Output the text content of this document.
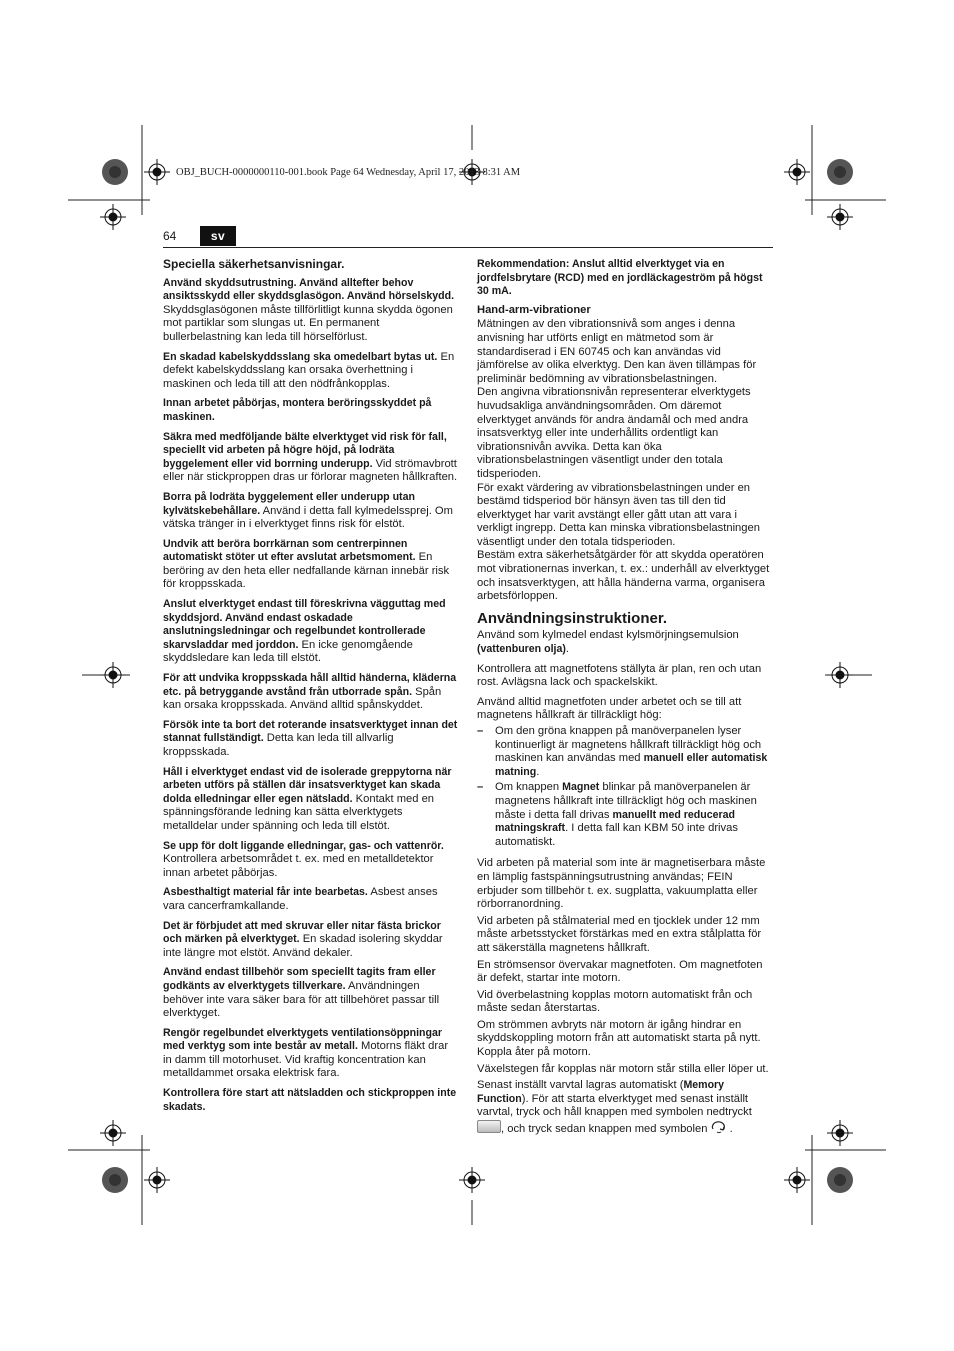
OBJ_BUCH-0000000110-001.book Page 64 Wednesday, April 17, 2013 8:31 AM
64	sv
Speciella säkerhetsanvisningar.

Använd skyddsutrustning. Använd alltefter behov ansiktsskydd eller skyddsglasögon. Använd hörselskydd. Skyddsglasögonen måste tillförlitligt kunna skydda ögonen mot partiklar som slungas ut. En permanent bullerbelastning kan leda till hörselförlust.

En skadad kabelskyddsslang ska omedelbart bytas ut. En defekt kabelskyddsslang kan orsaka överhettning i maskinen och leda till att den nödfrånkopplas.

Innan arbetet påbörjas, montera beröringsskyddet på maskinen.

Säkra med medföljande bälte elverktyget vid risk för fall, speciellt vid arbeten på högre höjd, på lodräta byggelement eller vid borrning underupp. Vid strömavbrott eller när stickproppen dras ur förlorar magneten hållkraften.

Borra på lodräta byggelement eller underupp utan kylvätskebehållare. Använd i detta fall kylmedelssprej. Om vätska tränger in i elverktyget finns risk för elstöt.

Undvik att beröra borrkärnan som centrerpinnen automatiskt stöter ut efter avslutat arbetsmoment. En beröring av den heta eller nedfallande kärnan innebär risk för kroppsskada.

Anslut elverktyget endast till föreskrivna vägguttag med skyddsjord. Använd endast oskadade anslutningsledningar och regelbundet kontrollerade skarvsladdar med jorddon. En icke genomgående skyddsledare kan leda till elstöt.

För att undvika kroppsskada håll alltid händerna, kläderna etc. på betryggande avstånd från utborrade spån. Spån kan orsaka kroppsskada. Använd alltid spånskyddet.

Försök inte ta bort det roterande insatsverktyget innan det stannat fullständigt. Detta kan leda till allvarlig kroppsskada.

Håll i elverktyget endast vid de isolerade greppytorna när arbeten utförs på ställen där insatsverktyget kan skada dolda elledningar eller egen nätsladd. Kontakt med en spänningsförande ledning kan sätta elverktygets metalldelar under spänning och leda till elstöt.

Se upp för dolt liggande elledningar, gas- och vattenrör. Kontrollera arbetsområdet t. ex. med en metalldetektor innan arbetet påbörjas.

Asbesthaltigt material får inte bearbetas. Asbest anses vara cancerframkallande.

Det är förbjudet att med skruvar eller nitar fästa brickor och märken på elverktyget. En skadad isolering skyddar inte längre mot elstöt. Använd dekaler.

Använd endast tillbehör som speciellt tagits fram eller godkänts av elverktygets tillverkare. Användningen behöver inte vara säker bara för att tillbehöret passar till elverktyget.

Rengör regelbundet elverktygets ventilationsöppningar med verktyg som inte består av metall. Motorns fläkt drar in damm till motorhuset. Vid kraftig koncentration kan metalldammet orsaka elektrisk fara.

Kontrollera före start att nätsladden och stickproppen inte skadats.

Rekommendation: Anslut alltid elverktyget via en jordfelsbrytare (RCD) med en jordläckageström på högst 30 mA.

Hand-arm-vibrationer

Mätningen av den vibrationsnivå som anges i denna anvisning har utförts enligt en mätmetod som är standardiserad i EN 60745 och kan användas vid jämförelse av olika elverktyg. Den kan även tillämpas för preliminär bedömning av vibrationsbelastningen.

Den angivna vibrationsnivån representerar elverktygets huvudsakliga användningsområden. Om däremot elverktyget används för andra ändamål och med andra insatsverktyg eller inte underhållits ordentligt kan vibrationsnivån avvika. Detta kan öka vibrationsbelastningen väsentligt under den totala tidsperioden.

För exakt värdering av vibrationsbelastningen under en bestämd tidsperiod bör hänsyn även tas till den tid elverktyget har varit avstängt eller gått utan att vara i verkligt ingrepp. Detta kan minska vibrationsbelastningen väsentligt under den totala tidsperioden.

Bestäm extra säkerhetsåtgärder för att skydda operatören mot vibrationernas inverkan, t. ex.: underhåll av elverktyget och insatsverktygen, att hålla händerna varma, organisera arbetsförloppen.

Användningsinstruktioner.

Använd som kylmedel endast kylsmörjningsemulsion (vattenburen olja).

Kontrollera att magnetfotens ställyta är plan, ren och utan rost. Avlägsna lack och spackelskikt.

Använd alltid magnetfoten under arbetet och se till att magnetens hållkraft är tillräckligt hög:

– Om den gröna knappen på manöverpanelen lyser kontinuerligt är magnetens hållkraft tillräckligt hög och maskinen kan användas med manuell eller automatisk matning.
– Om knappen Magnet blinkar på manöverpanelen är magnetens hållkraft inte tillräckligt hög och maskinen måste i detta fall drivas manuellt med reducerad matningskraft. I detta fall kan KBM 50 inte drivas automatiskt.

Vid arbeten på material som inte är magnetiserbara måste en lämplig fastspänningsutrustning användas; FEIN erbjuder som tillbehör t. ex. sugplatta, vakuumplatta eller rörborranordning.

Vid arbeten på stålmaterial med en tjocklek under 12 mm måste arbetsstycket förstärkas med en extra stålplatta för att säkerställa magnetens hållkraft.

En strömsensor övervakar magnetfoten. Om magnetfoten är defekt, startar inte motorn.

Vid överbelastning kopplas motorn automatiskt från och måste sedan återstartas.

Om strömmen avbryts när motorn är igång hindrar en skyddskoppling motorn från att automatiskt starta på nytt. Koppla åter på motorn.

Växelstegen får kopplas när motorn står stilla eller löper ut.

Senast inställt varvtal lagras automatiskt (Memory Function). För att starta elverktyget med senast inställt varvtal, tryck och håll knappen med symbolen nedtryckt , och tryck sedan knappen med symbolen  .
